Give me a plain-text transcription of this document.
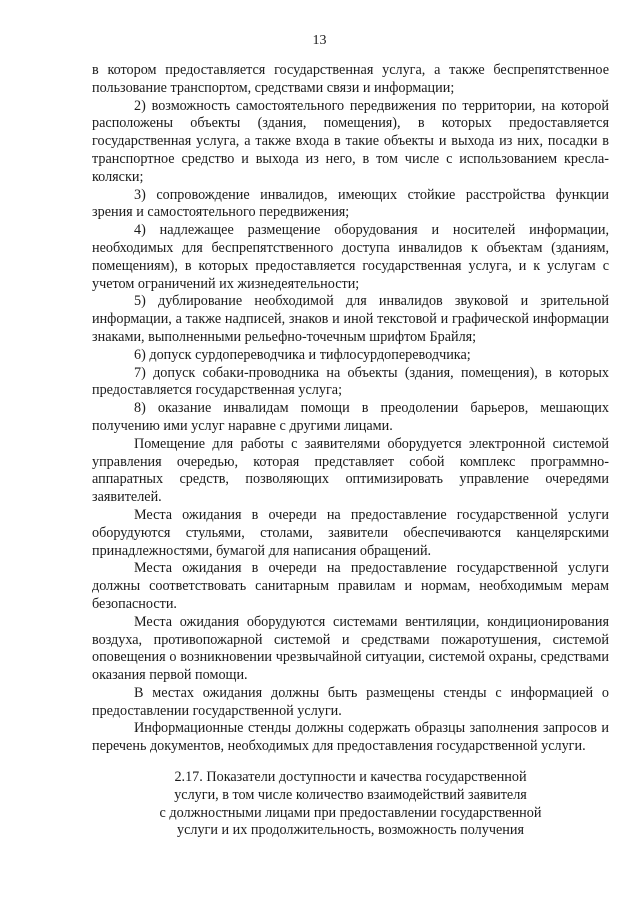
13

в котором предоставляется государственная услуга, а также беспрепятственное пользование транспортом, средствами связи и информации;

2) возможность самостоятельного передвижения по территории, на которой расположены объекты (здания, помещения), в которых предоставляется государственная услуга, а также входа в такие объекты и выхода из них, посадки в транспортное средство и выхода из него, в том числе с использованием кресла-коляски;

3) сопровождение инвалидов, имеющих стойкие расстройства функции зрения и самостоятельного передвижения;

4) надлежащее размещение оборудования и носителей информации, необходимых для беспрепятственного доступа инвалидов к объектам (зданиям, помещениям), в которых предоставляется государственная услуга, и к услугам с учетом ограничений их жизнедеятельности;

5) дублирование необходимой для инвалидов звуковой и зрительной информации, а также надписей, знаков и иной текстовой и графической информации знаками, выполненными рельефно-точечным шрифтом Брайля;

6) допуск сурдопереводчика и тифлосурдопереводчика;

7) допуск собаки-проводника на объекты (здания, помещения), в которых предоставляется государственная услуга;

8) оказание инвалидам помощи в преодолении барьеров, мешающих получению ими услуг наравне с другими лицами.

Помещение для работы с заявителями оборудуется электронной системой управления очередью, которая представляет собой комплекс программно-аппаратных средств, позволяющих оптимизировать управление очередями заявителей.

Места ожидания в очереди на предоставление государственной услуги оборудуются стульями, столами, заявители обеспечиваются канцелярскими принадлежностями, бумагой для написания обращений.

Места ожидания в очереди на предоставление государственной услуги должны соответствовать санитарным правилам и нормам, необходимым мерам безопасности.

Места ожидания оборудуются системами вентиляции, кондиционирования воздуха, противопожарной системой и средствами пожаротушения, системой оповещения о возникновении чрезвычайной ситуации, системой охраны, средствами оказания первой помощи.

В местах ожидания должны быть размещены стенды с информацией о предоставлении государственной услуги.

Информационные стенды должны содержать образцы заполнения запросов и перечень документов, необходимых для предоставления государственной услуги.

2.17. Показатели доступности и качества государственной
услуги, в том числе количество взаимодействий заявителя
с должностными лицами при предоставлении государственной
услуги и их продолжительность, возможность получения
